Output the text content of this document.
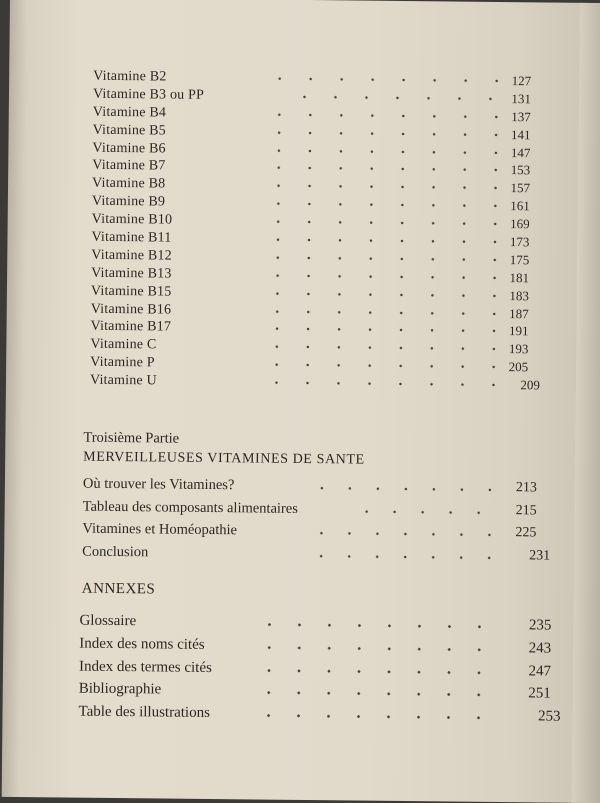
Vitamine B2	127
Vitamine B3 ou PP	131
Vitamine B4	137
Vitamine B5	141
Vitamine B6	147
Vitamine B7	153
Vitamine B8	157
Vitamine B9	161
Vitamine B10	169
Vitamine B11	173
Vitamine B12	175
Vitamine B13	181
Vitamine B15	183
Vitamine B16	187
Vitamine B17	191
Vitamine C	193
Vitamine P	205
Vitamine U	209
Troisième Partie
MERVEILLEUSES VITAMINES DE SANTE
Où trouver les Vitamines?	213
Tableau des composants alimentaires	215
Vitamines et Homéopathie	225
Conclusion	231
ANNEXES
Glossaire	235
Index des noms cités	243
Index des termes cités	247
Bibliographie	251
Table des illustrations	253
